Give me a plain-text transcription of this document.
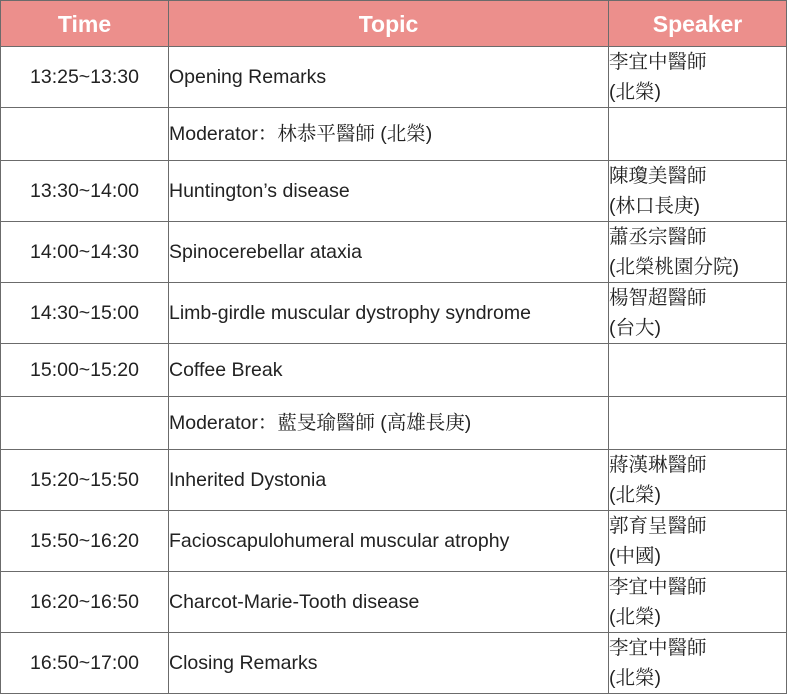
Time	Topic	Speaker
13:25~13:30	Opening Remarks	李宜中醫師
(北榮)

	Moderator：林恭平醫師 (北榮)	
13:30~14:00	Huntington’s disease	陳瓊美醫師
(林口長庚)

14:00~14:30	Spinocerebellar ataxia	蕭丞宗醫師
(北榮桃園分院)

14:30~15:00	Limb-girdle muscular dystrophy syndrome	楊智超醫師
(台大)

15:00~15:20	Coffee Break	
	Moderator：藍旻瑜醫師 (高雄長庚)	
15:20~15:50	Inherited Dystonia	蔣漢琳醫師
(北榮)

15:50~16:20	Facioscapulohumeral muscular atrophy	郭育呈醫師
(中國)

16:20~16:50	Charcot-Marie-Tooth disease	李宜中醫師
(北榮)

16:50~17:00	Closing Remarks	李宜中醫師
(北榮)
